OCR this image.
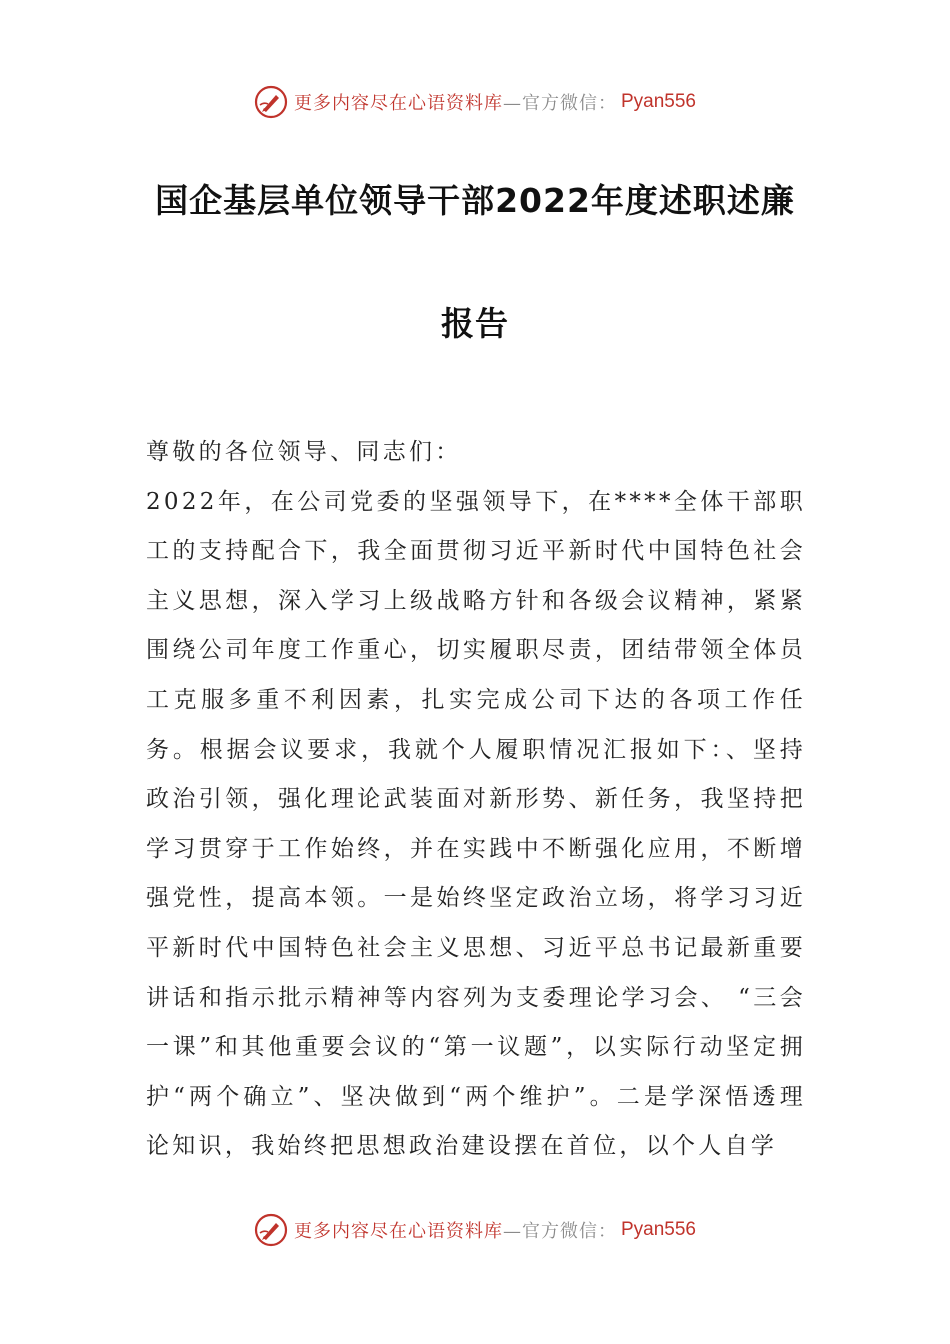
更多内容尽在心语资料库 —官方微信： Pyan556
国企基层单位领导干部2022年度述职述廉
报告

尊敬的各位领导、同志们：

2022年，在公司党委的坚强领导下，在****全体干部职工的支持配合下，我全面贯彻习近平新时代中国特色社会主义思想，深入学习上级战略方针和各级会议精神，紧紧围绕公司年度工作重心，切实履职尽责，团结带领全体员工克服多重不利因素，扎实完成公司下达的各项工作任务。根据会议要求，我就个人履职情况汇报如下：、坚持政治引领，强化理论武装面对新形势、新任务，我坚持把学习贯穿于工作始终，并在实践中不断强化应用，不断增强党性，提高本领。一是始终坚定政治立场，将学习习近平新时代中国特色社会主义思想、习近平总书记最新重要讲话和指示批示精神等内容列为支委理论学习会、 “三会一课”和其他重要会议的“第一议题”，以实际行动坚定拥护“两个确立”、坚决做到“两个维护”。二是学深悟透理论知识，我始终把思想政治建设摆在首位，以个人自学

更多内容尽在心语资料库 —官方微信： Pyan556
